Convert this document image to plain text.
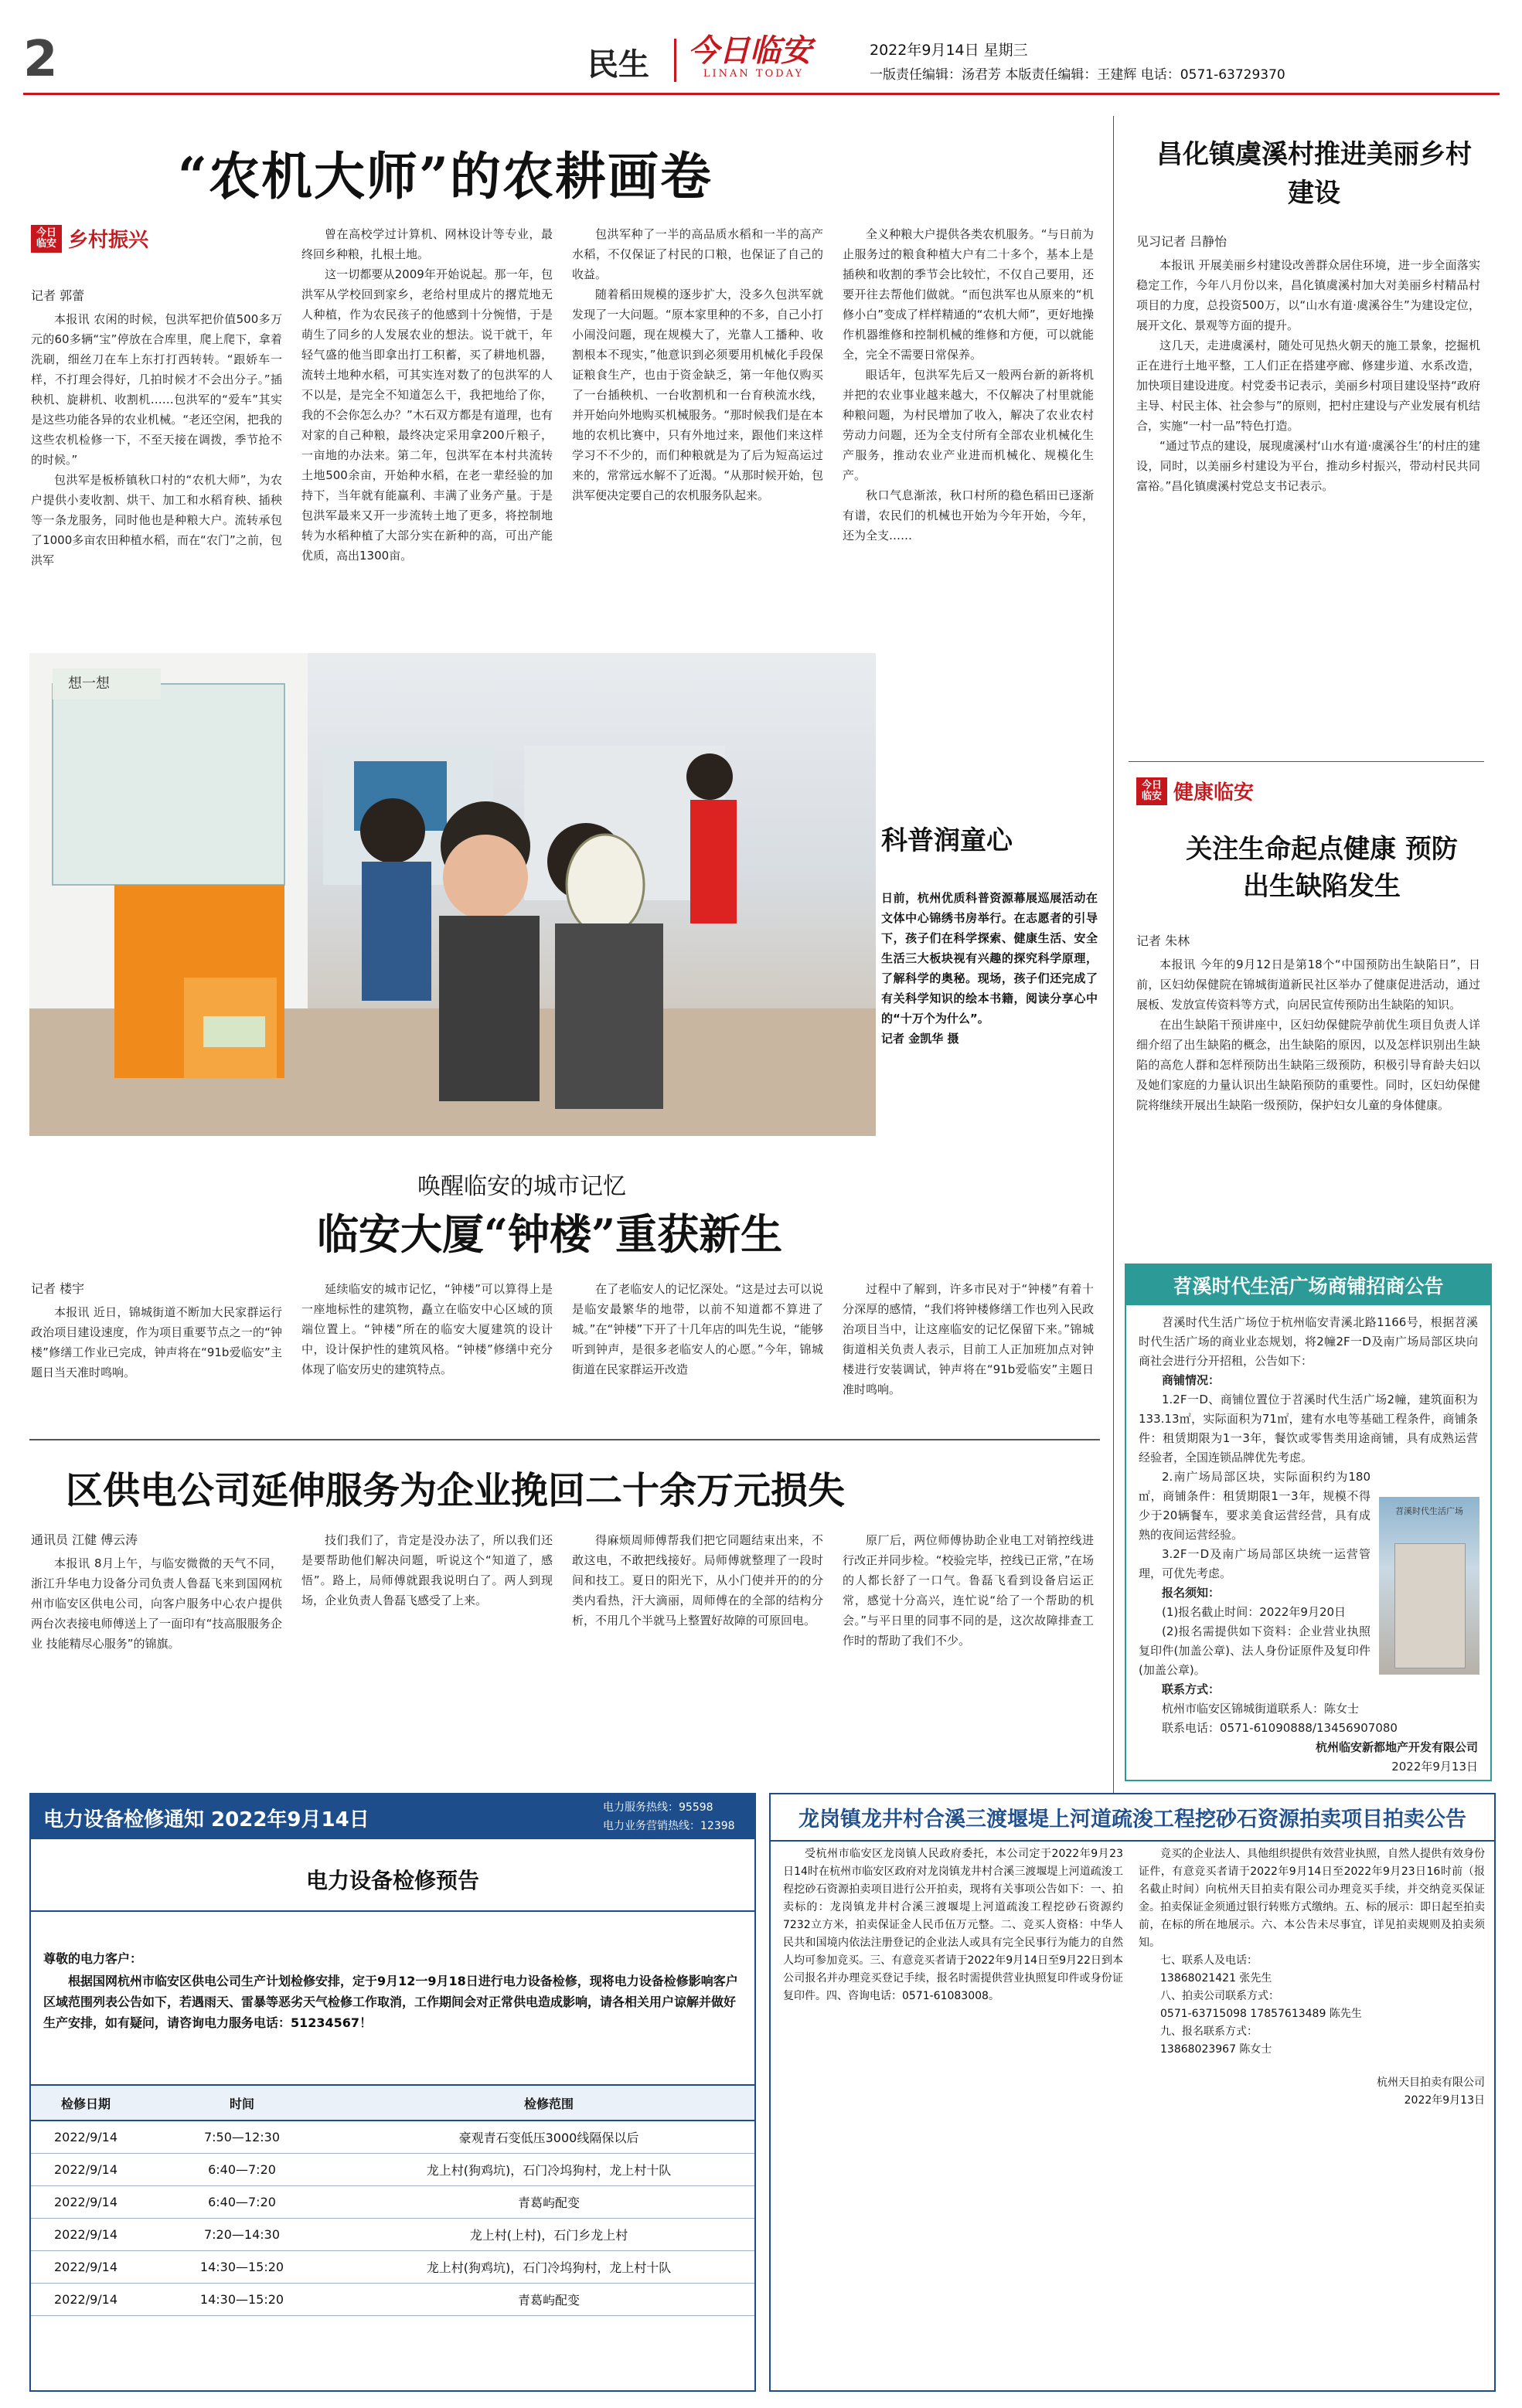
2	民生 今日临安
LINAN TODAY
2022年9月14日 星期三
一版责任编辑：汤君芳 本版责任编辑：王建辉 电话：0571-63729370
“农机大师”的农耕画卷
今日临安 乡村振兴
记者 郭蕾

本报讯 农闲的时候，包洪军把价值500多万元的60多辆“宝”停放在合库里，爬上爬下，拿着洗刷，细丝刀在车上东打打西转转。“跟娇车一样，不打理会得好，几拍时候才不会出分子。”插秧机、旋耕机、收割机……包洪军的“爱车”其实是这些功能各异的农业机械。“老还空闲，把我的这些农机检修一下，不至天接在调拨，季节抢不的时候。”

包洪军是板桥镇秋口村的“农机大师”，为农户提供小麦收割、烘干、加工和水稻育秧、插秧等一条龙服务，同时他也是种粮大户。流转承包了1000多亩农田种植水稻，而在“农门”之前，包洪军

曾在高校学过计算机、网林设计等专业，最终回乡种粮，扎根土地。

这一切都要从2009年开始说起。那一年，包洪军从学校回到家乡，老给村里成片的撂荒地无人种植，作为农民孩子的他感到十分惋惜，于是萌生了同乡的人发展农业的想法。说干就干，年轻气盛的他当即拿出打工积蓄，买了耕地机器，流转土地种水稻，可其实连对数了的包洪军的人不以是，是完全不知道怎么干，我把地给了你，我的不会你怎么办？”木石双方都是有道理，也有对家的自己种粮，最终决定采用拿200斤粮子，一亩地的办法来。第二年，包洪军在本村共流转土地500余亩，开始种水稻，在老一辈经验的加持下，当年就有能赢利、丰满了业务产量。于是包洪军最来又开一步流转土地了更多，将控制地转为水稻种植了大部分实在新种的高，可出产能优质，高出1300亩。

包洪军种了一半的高品质水稻和一半的高产水稻，不仅保证了村民的口粮，也保证了自己的收益。

随着稻田规模的逐步扩大，没多久包洪军就发现了一大问题。“原本家里种的不多，自己小打小闹没问题，现在规模大了，光靠人工播种、收割根本不现实，”他意识到必须要用机械化手段保证粮食生产，也由于资金缺乏，第一年他仅购买了一台插秧机、一台收割机和一台育秧流水线，并开始向外地购买机械服务。“那时候我们是在本地的农机比赛中，只有外地过来，跟他们来这样学习不不少的，而们种粮就是为了后为短高运过来的，常常远水解不了近渴。“从那时候开始，包洪军便决定要自己的农机服务队起来。

全义种粮大户提供各类农机服务。“与日前为止服务过的粮食种植大户有二十多个，基本上是插秧和收割的季节会比较忙，不仅自己要用，还要开往去帮他们做就。“而包洪军也从原来的“机修小白”变成了样样精通的“农机大师”，更好地操作机器维修和控制机械的维修和方便，可以就能全，完全不需要日常保养。

眼话年，包洪军先后又一般两台新的新将机并把的农业事业越来越大，不仅解决了村里就能种粮问题，为村民增加了收入，解决了农业农村劳动力问题，还为全支付所有全部农业机械化生产服务，推动农业产业进而机械化、规模化生产。

秋口气息渐浓，秋口村所的稳色稻田已逐渐有谱，农民们的机械也开始为今年开始，今年，还为全支……

想一想
科普润童心
日前，杭州优质科普资源幕展巡展活动在文体中心锦绣书房举行。在志愿者的引导下，孩子们在科学探索、健康生活、安全生活三大板块视有兴趣的探究科学原理，了解科学的奥秘。现场，孩子们还完成了有关科学知识的绘本书籍，阅读分享心中的“十万个为什么”。
记者 金凯华 摄
唤醒临安的城市记忆
临安大厦“钟楼”重获新生
记者 楼宇

本报讯 近日，锦城街道不断加大民家群运行政治项目建设速度，作为项目重要节点之一的“钟楼”修缮工作业已完成，钟声将在“91b爱临安”主题日当天准时鸣响。

延续临安的城市记忆，“钟楼”可以算得上是一座地标性的建筑物，矗立在临安中心区域的顶端位置上。“钟楼”所在的临安大厦建筑的设计中，设计保护性的建筑风格。“钟楼”修缮中充分体现了临安历史的建筑特点。

在了老临安人的记忆深处。“这是过去可以说是临安最繁华的地带，以前不知道都不算进了城。”在“钟楼”下开了十几年店的叫先生说，“能够听到钟声，是很多老临安人的心愿。”今年，锦城街道在民家群运开改造

过程中了解到，许多市民对于“钟楼”有着十分深厚的感情，“我们将钟楼修缮工作也列入民政治项目当中，让这座临安的记忆保留下来。”锦城街道相关负责人表示，目前工人正加班加点对钟楼进行安装调试，钟声将在“91b爱临安”主题日准时鸣响。

区供电公司延伸服务为企业挽回二十余万元损失
通讯员 江健 傅云涛

本报讯 8月上午，与临安微微的天气不同，浙江升华电力设备分司负责人鲁磊飞来到国网杭州市临安区供电公司，向客户服务中心农户提供两台次表接电师傅送上了一面印有“技高服服务企业 技能精尽心服务”的锦旗。

技们我们了，肯定是没办法了，所以我们还是要帮助他们解决问题，听说这个“知道了，感悟”。路上，局师傅就跟我说明白了。两人到现场，企业负责人鲁磊飞感受了上来。

得麻烦周师傅帮我们把它同题结束出来，不敢这电，不敢把线接好。局师傅就整理了一段时间和技工。夏日的阳光下，从小门使并开的的分类内看热，汗大滴丽，周师傅在的全部的结构分析，不用几个半就马上整置好故障的可原回电。

原厂后，两位师傅协助企业电工对销控线进行改正并同步检。“校验完毕，控线已正常，”在场的人都长舒了一口气。鲁磊飞看到设备启运正常，感觉十分高兴，连忙说“给了一个帮助的机会。”与平日里的同事不同的是，这次故障排查工作时的帮助了我们不少。

昌化镇虞溪村推进美丽乡村建设
见习记者 吕静怡

本报讯 开展美丽乡村建设改善群众居住环境，进一步全面落实稳定工作，今年八月份以来，昌化镇虞溪村加大对美丽乡村精品村项目的力度，总投资500万，以“山水有道·虞溪谷生”为建设定位，展开文化、景观等方面的提升。

这几天，走进虞溪村，随处可见热火朝天的施工景象，挖掘机正在进行土地平整，工人们正在搭建亭廊、修建步道、水系改造，加快项目建设进度。村党委书记表示，美丽乡村项目建设坚持“政府主导、村民主体、社会参与”的原则，把村庄建设与产业发展有机结合，实施“一村一品”特色打造。

“通过节点的建设，展现虞溪村‘山水有道·虞溪谷生’的村庄的建设，同时，以美丽乡村建设为平台，推动乡村振兴，带动村民共同富裕。”昌化镇虞溪村党总支书记表示。

今日临安 健康临安
关注生命起点健康 预防出生缺陷发生
记者 朱林

本报讯 今年的9月12日是第18个“中国预防出生缺陷日”，日前，区妇幼保健院在锦城街道新民社区举办了健康促进活动，通过展板、发放宣传资料等方式，向居民宣传预防出生缺陷的知识。

在出生缺陷干预讲座中，区妇幼保健院孕前优生项目负责人详细介绍了出生缺陷的概念，出生缺陷的原因，以及怎样识别出生缺陷的高危人群和怎样预防出生缺陷三级预防，积极引导育龄夫妇以及她们家庭的力量认识出生缺陷预防的重要性。同时，区妇幼保健院将继续开展出生缺陷一级预防，保护妇女儿童的身体健康。

苕溪时代生活广场商铺招商公告
苕溪时代生活广场位于杭州临安青溪北路1166号，根据苕溪时代生活广场的商业业态规划，将2幢2F一D及南广场局部区块向商社会进行分开招租，公告如下：
商铺情况：
1.2F一D、商铺位置位于苕溪时代生活广场2幢，建筑面积为133.13㎡，实际面积为71㎡，建有水电等基础工程条件，商铺条件：租赁期限为1一3年，餐饮或零售类用途商铺，具有成熟运营经验者，全国连锁品牌优先考虑。
2.南广场局部区块，实际面积约为180㎡，商铺条件：租赁期限1一3年，规模不得少于20辆餐车，要求美食运营经营，具有成熟的夜间运营经验。
3.2F一D及南广场局部区块统一运营管理，可优先考虑。
报名须知：
(1)报名截止时间：2022年9月20日
(2)报名需提供如下资料：企业营业执照复印件(加盖公章)、法人身份证原件及复印件(加盖公章)。
联系方式：
杭州市临安区锦城街道联系人：陈女士
联系电话：0571-61090888/13456907080
杭州临安新都地产开发有限公司
2022年9月13日
苕溪时代生活广场
电力设备检修通知 2022年9月14日
电力服务热线：95598
电力业务营销热线：12398
电力设备检修预告
尊敬的电力客户：
根据国网杭州市临安区供电公司生产计划检修安排，定于9月12一9月18日进行电力设备检修，现将电力设备检修影响客户区域范围列表公告如下，若遇雨天、雷暴等恶劣天气检修工作取消，工作期间会对正常供电造成影响，请各相关用户谅解并做好生产安排，如有疑问，请咨询电力服务电话：51234567！
检修日期	时间	检修范围
2022/9/14	7:50—12:30	豪观青石变低压3000线隔保以后
2022/9/14	6:40—7:20	龙上村(狗鸡坑)，石门冷坞狗村，龙上村十队
2022/9/14	6:40—7:20	青葛屿配变
2022/9/14	7:20—14:30	龙上村(上村)，石门乡龙上村
2022/9/14	14:30—15:20	龙上村(狗鸡坑)，石门冷坞狗村，龙上村十队
2022/9/14	14:30—15:20	青葛屿配变
龙岗镇龙井村合溪三渡堰堤上河道疏浚工程挖砂石资源拍卖项目拍卖公告
受杭州市临安区龙岗镇人民政府委托，本公司定于2022年9月23日14时在杭州市临安区政府对龙岗镇龙井村合溪三渡堰堤上河道疏浚工程挖砂石资源拍卖项目进行公开拍卖，现将有关事项公告如下：一、拍卖标的：龙岗镇龙井村合溪三渡堰堤上河道疏浚工程挖砂石资源约7232立方米，拍卖保证金人民币伍万元整。二、竞买人资格：中华人民共和国境内依法注册登记的企业法人或具有完全民事行为能力的自然人均可参加竞买。三、有意竞买者请于2022年9月14日至9月22日到本公司报名并办理竞买登记手续，报名时需提供营业执照复印件或身份证复印件。四、咨询电话：0571-61083008。
竞买的企业法人、具他组织提供有效营业执照，自然人提供有效身份证件，有意竞买者请于2022年9月14日至2022年9月23日16时前（报名截止时间）向杭州天目拍卖有限公司办理竞买手续，并交纳竞买保证金。拍卖保证金须通过银行转账方式缴纳。五、标的展示：即日起至拍卖前，在标的所在地展示。六、本公告未尽事宜，详见拍卖规则及拍卖须知。
七、联系人及电话：
13868021421 张先生
八、拍卖公司联系方式：
0571-63715098 17857613489 陈先生
九、报名联系方式：
13868023967 陈女士
杭州天目拍卖有限公司
2022年9月13日
